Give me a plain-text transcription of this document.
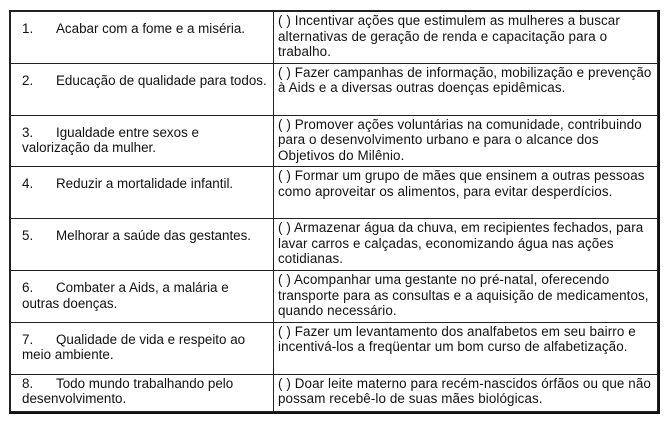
1. Acabar com a fome e a miséria.	( ) Incentivar ações que estimulem as mulheres a buscar alternativas de geração de renda e capacitação para o trabalho.
2. Educação de qualidade para todos.	( ) Fazer campanhas de informação, mobilização e prevenção à Aids e a diversas outras doenças epidêmicas.
3. Igualdade entre sexos e valorização da mulher.	( ) Promover ações voluntárias na comunidade, contribuindo para o desenvolvimento urbano e para o alcance dos Objetivos do Milênio.
4. Reduzir a mortalidade infantil.	( ) Formar um grupo de mães que ensinem a outras pessoas como aproveitar os alimentos, para evitar desperdícios.
5. Melhorar a saúde das gestantes.	( ) Armazenar água da chuva, em recipientes fechados, para lavar carros e calçadas, economizando água nas ações cotidianas.
6. Combater a Aids, a malária e outras doenças.	( ) Acompanhar uma gestante no pré-natal, oferecendo transporte para as consultas e a aquisição de medicamentos, quando necessário.
7. Qualidade de vida e respeito ao meio ambiente.	( ) Fazer um levantamento dos analfabetos em seu bairro e incentivá-los a freqüentar um bom curso de alfabetização.
8. Todo mundo trabalhando pelo desenvolvimento.	( ) Doar leite materno para recém-nascidos órfãos ou que não possam recebê-lo de suas mães biológicas.
